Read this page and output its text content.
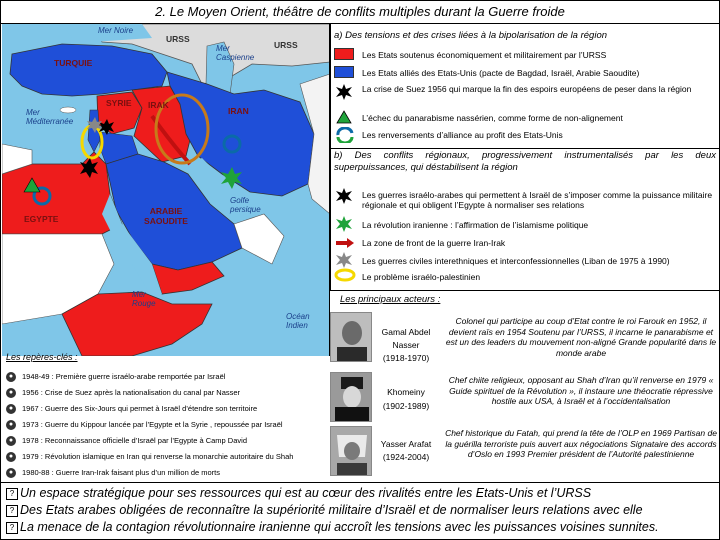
2. Le Moyen Orient, théâtre de conflits multiples durant la Guerre froide
Mer Noire
Mer Caspienne
Mer Méditerranée
Golfe persique
Mer Rouge
Océan Indien
URSS
URSS
TURQUIE
SYRIE IRAK
IRAN
EGYPTE
ARABIE SAOUDITE
a) Des tensions et des crises liées à la bipolarisation de la région
Les Etats soutenus économiquement et militairement par l’URSS
Les Etats alliés des Etats-Unis (pacte de Bagdad, Israël, Arabie Saoudite)
La crise de Suez 1956 qui marque la fin des espoirs européens de peser dans la région
L’échec du panarabisme nassérien, comme forme de non-alignement
Les renversements d’alliance au profit des Etats-Unis
b) Des conflits régionaux, progressivement instrumentalisés par les deux superpuissances, qui déstabilisent la région
Les guerres israélo-arabes qui permettent à Israël de s’imposer comme la puissance militaire régionale et qui obligent l’Egypte à normaliser ses relations
La révolution iranienne : l’affirmation de l’islamisme politique
La zone de front de la guerre Iran-Irak
Les guerres civiles interethniques et interconfessionnelles (Liban de 1975 à 1990)
Le problème israélo-palestinien
Les principaux acteurs :
Gamal Abdel Nasser
(1918-1970)
Colonel qui participe au coup d’Etat contre le roi Farouk en 1952, il devient raïs en 1954 Soutenu par l’URSS, il incarne le panarabisme et est un des leaders du mouvement non-aligné Grande popularité dans le monde arabe
Khomeiny
(1902-1989)
Chef chiite religieux, opposant au Shah d’Iran qu’il renverse en 1979 « Guide spirituel de la Révolution », il instaure une théocratie répressive hostile aux USA, à Israël et à l’occidentalisation
Yasser Arafat
(1924-2004)
Chef historique du Fatah, qui prend la tête de l’OLP en 1969 Partisan de la guérilla terroriste puis auvert aux négociations Signataire des accords d’Oslo en 1993 Premier président de l’Autorité palestinienne
Les repères-clés :
● 1948-49 : Première guerre israélo-arabe remportée par Israël
● 1956 : Crise de Suez après la nationalisation du canal par Nasser
● 1967 : Guerre des Six-Jours qui permet à Israël d’étendre son territoire
● 1973 : Guerre du Kippour lancée par l’Egypte et la Syrie , repoussée par Israël
● 1978 : Reconnaissance officielle d’Israël par l’Egypte à Camp David
● 1979 : Révolution islamique en Iran qui renverse la monarchie autoritaire du Shah
● 1980-88 : Guerre Iran-Irak faisant plus d’un million de morts
? Un espace stratégique pour ses ressources qui est au cœur des rivalités entre les Etats-Unis et l’URSS
? Des Etats arabes obligées de reconnaître la supériorité militaire d’Israël et de normaliser leurs relations avec elle
? La menace de la contagion révolutionnaire iranienne qui accroît les tensions avec les puissances voisines sunnites.
